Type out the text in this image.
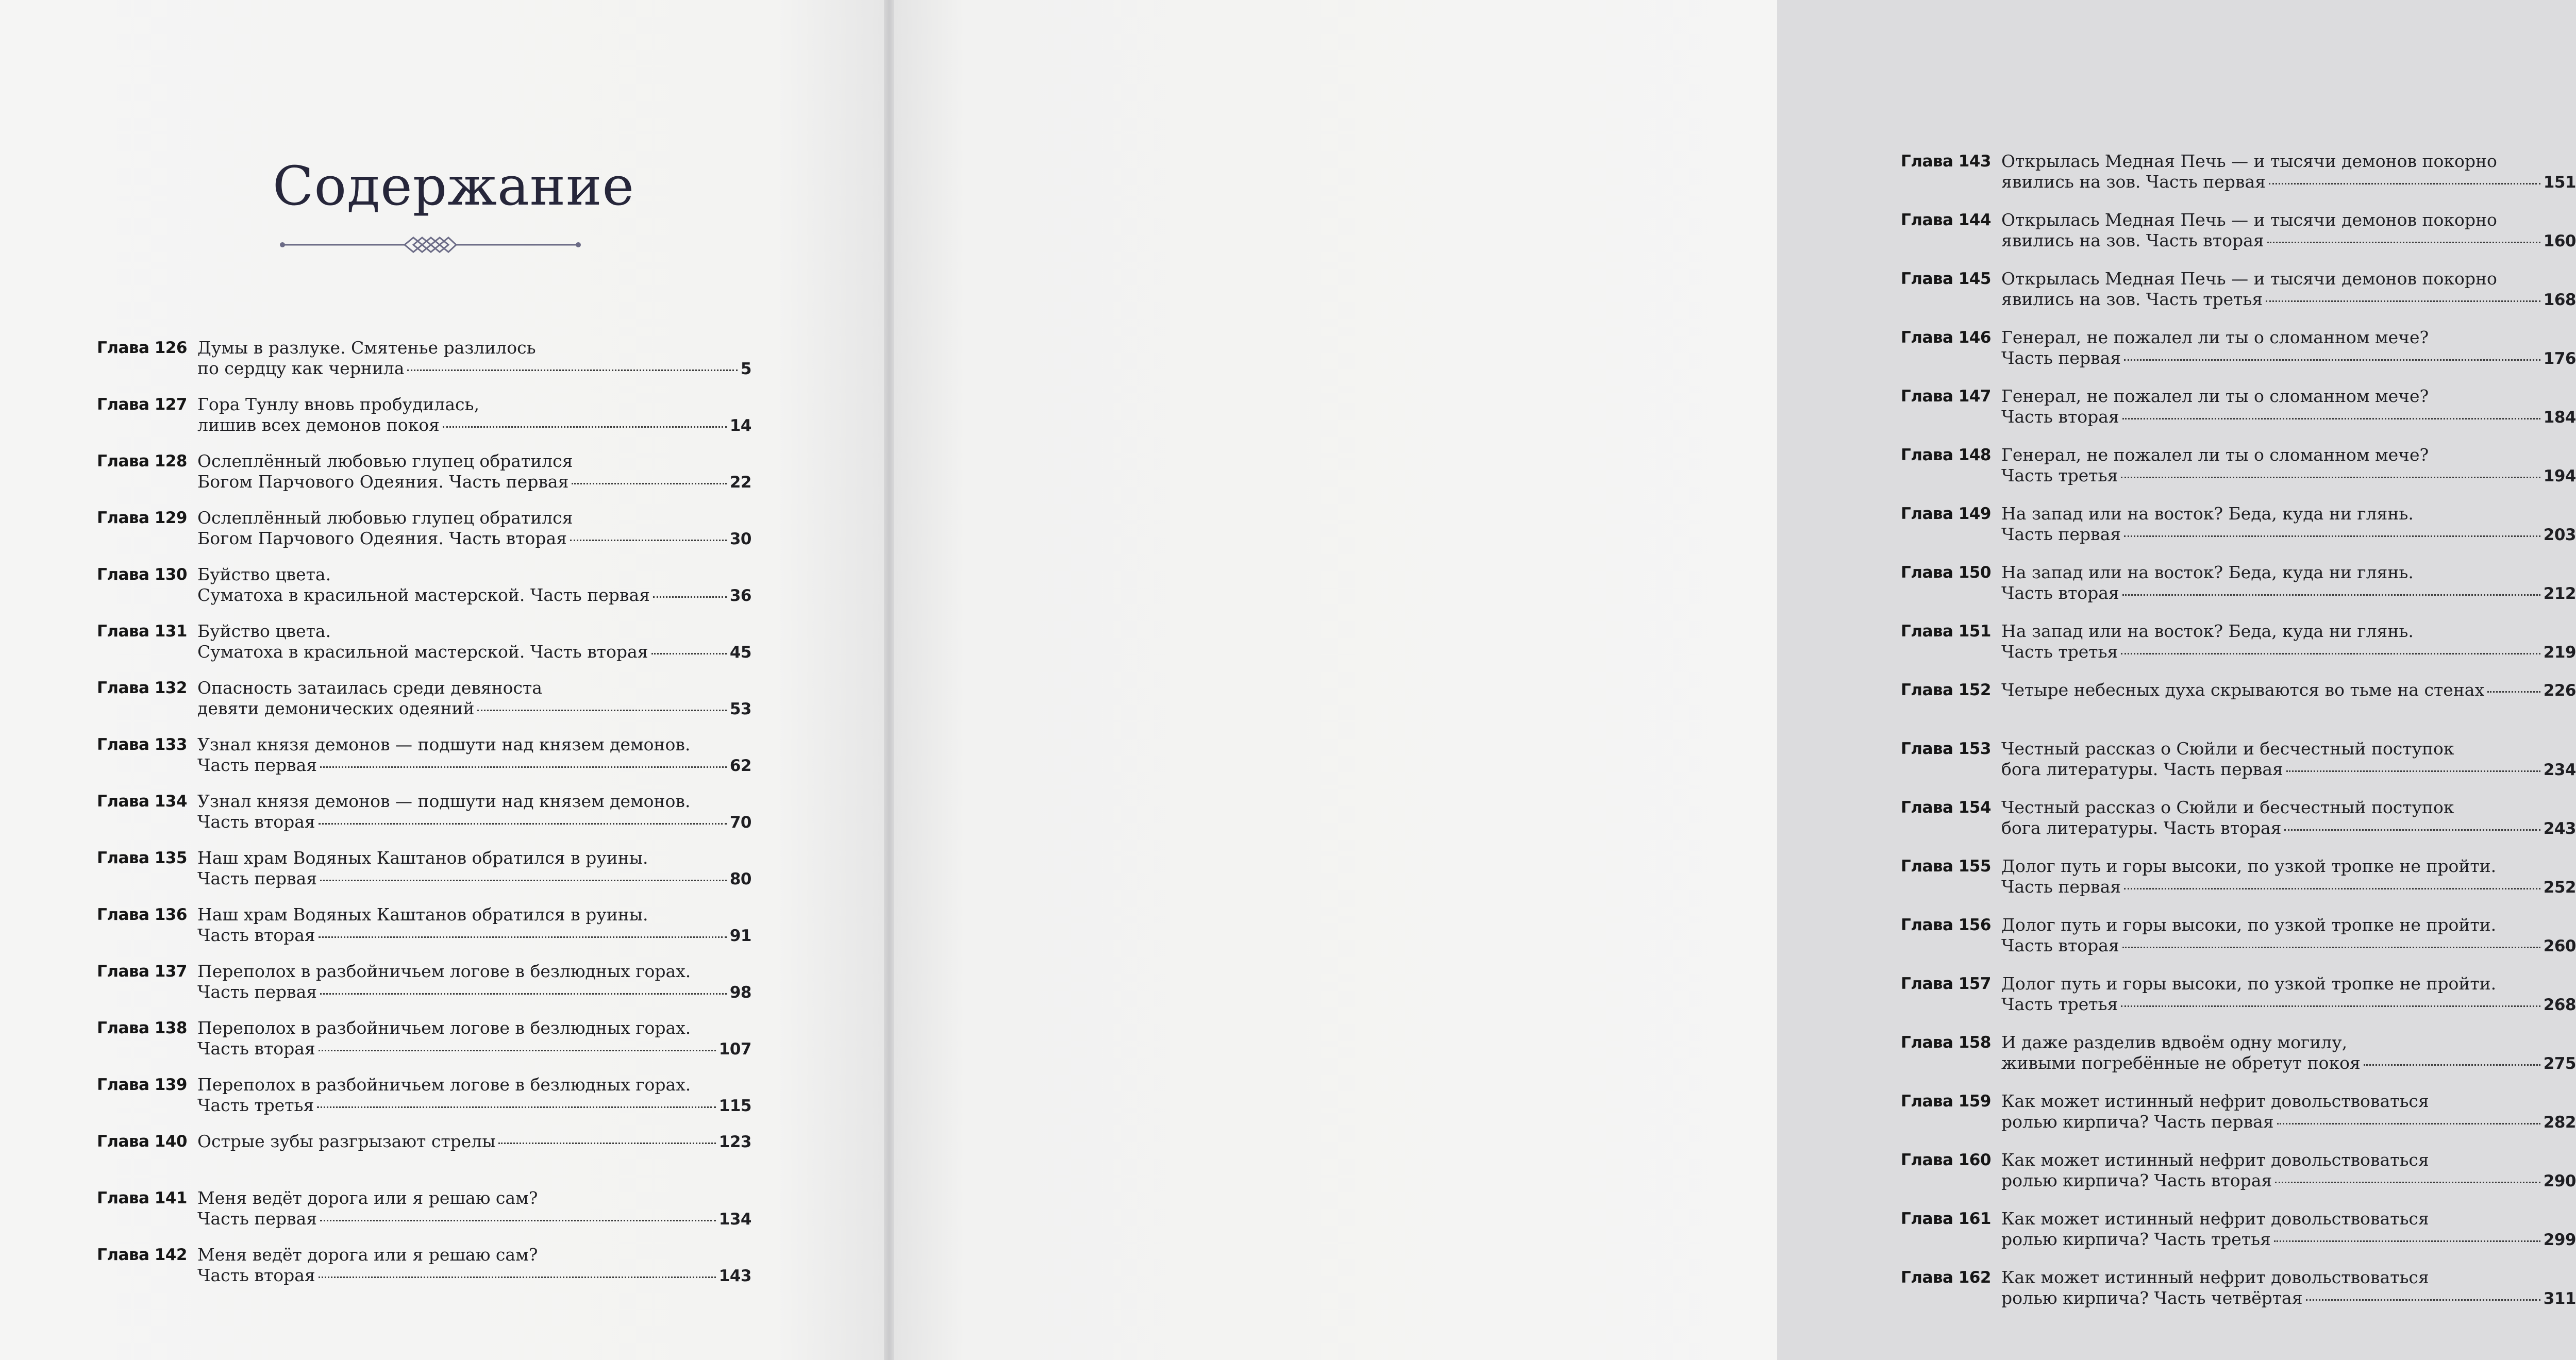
Содержание
Глава 126 Думы в разлуке. Смятенье разлилось
по сердцу как чернила	5
Глава 127 Гора Тунлу вновь пробудилась,
лишив всех демонов покоя	14
Глава 128 Ослеплённый любовью глупец обратился
Богом Парчового Одеяния. Часть первая	22
Глава 129 Ослеплённый любовью глупец обратился
Богом Парчового Одеяния. Часть вторая	30
Глава 130 Буйство цвета.
Суматоха в красильной мастерской. Часть первая	36
Глава 131 Буйство цвета.
Суматоха в красильной мастерской. Часть вторая	45
Глава 132 Опасность затаилась среди девяноста
девяти демонических одеяний	53
Глава 133 Узнал князя демонов — подшути над князем демонов.
Часть первая	62
Глава 134 Узнал князя демонов — подшути над князем демонов.
Часть вторая	70
Глава 135 Наш храм Водяных Каштанов обратился в руины.
Часть первая	80
Глава 136 Наш храм Водяных Каштанов обратился в руины.
Часть вторая	91
Глава 137 Переполох в разбойничьем логове в безлюдных горах.
Часть первая	98
Глава 138 Переполох в разбойничьем логове в безлюдных горах.
Часть вторая	107
Глава 139 Переполох в разбойничьем логове в безлюдных горах.
Часть третья	115
Глава 140 Острые зубы разгрызают стрелы	123
Глава 141 Меня ведёт дорога или я решаю сам?
Часть первая	134
Глава 142 Меня ведёт дорога или я решаю сам?
Часть вторая	143
Глава 143 Открылась Медная Печь — и тысячи демонов покорно
явились на зов. Часть первая	151
Глава 144 Открылась Медная Печь — и тысячи демонов покорно
явились на зов. Часть вторая	160
Глава 145 Открылась Медная Печь — и тысячи демонов покорно
явились на зов. Часть третья	168
Глава 146 Генерал, не пожалел ли ты о сломанном мече?
Часть первая	176
Глава 147 Генерал, не пожалел ли ты о сломанном мече?
Часть вторая	184
Глава 148 Генерал, не пожалел ли ты о сломанном мече?
Часть третья	194
Глава 149 На запад или на восток? Беда, куда ни глянь.
Часть первая	203
Глава 150 На запад или на восток? Беда, куда ни глянь.
Часть вторая	212
Глава 151 На запад или на восток? Беда, куда ни глянь.
Часть третья	219
Глава 152 Четыре небесных духа скрываются во тьме на стенах	226
Глава 153 Честный рассказ о Сюйли и бесчестный поступок
бога литературы. Часть первая	234
Глава 154 Честный рассказ о Сюйли и бесчестный поступок
бога литературы. Часть вторая	243
Глава 155 Долог путь и горы высоки, по узкой тропке не пройти.
Часть первая	252
Глава 156 Долог путь и горы высоки, по узкой тропке не пройти.
Часть вторая	260
Глава 157 Долог путь и горы высоки, по узкой тропке не пройти.
Часть третья	268
Глава 158 И даже разделив вдвоём одну могилу,
живыми погребённые не обретут покоя	275
Глава 159 Как может истинный нефрит довольствоваться
ролью кирпича? Часть первая	282
Глава 160 Как может истинный нефрит довольствоваться
ролью кирпича? Часть вторая	290
Глава 161 Как может истинный нефрит довольствоваться
ролью кирпича? Часть третья	299
Глава 162 Как может истинный нефрит довольствоваться
ролью кирпича? Часть четвёртая	311
